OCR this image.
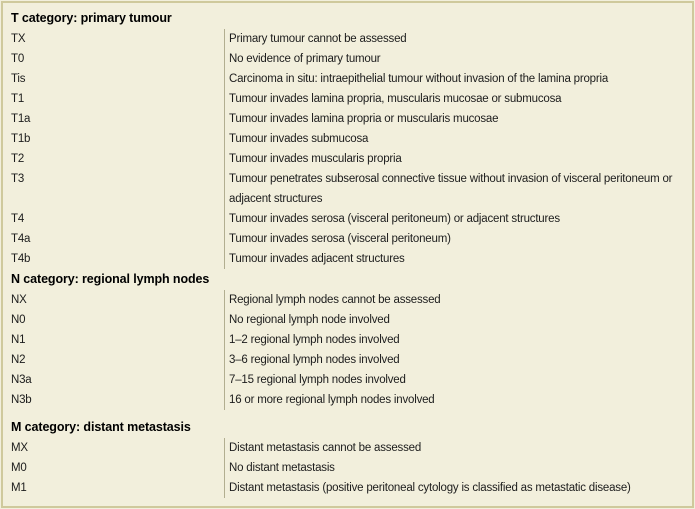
T category: primary tumour
TX	Primary tumour cannot be assessed
T0	No evidence of primary tumour
Tis	Carcinoma in situ: intraepithelial tumour without invasion of the lamina propria
T1	Tumour invades lamina propria, muscularis mucosae or submucosa
T1a	Tumour invades lamina propria or muscularis mucosae
T1b	Tumour invades submucosa
T2	Tumour invades muscularis propria
T3	Tumour penetrates subserosal connective tissue without invasion of visceral peritoneum or adjacent structures
T4	Tumour invades serosa (visceral peritoneum) or adjacent structures
T4a	Tumour invades serosa (visceral peritoneum)
T4b	Tumour invades adjacent structures
N category: regional lymph nodes
NX	Regional lymph nodes cannot be assessed
N0	No regional lymph node involved
N1	1–2 regional lymph nodes involved
N2	3–6 regional lymph nodes involved
N3a	7–15 regional lymph nodes involved
N3b	16 or more regional lymph nodes involved
M category: distant metastasis
MX	Distant metastasis cannot be assessed
M0	No distant metastasis
M1	Distant metastasis (positive peritoneal cytology is classified as metastatic disease)
